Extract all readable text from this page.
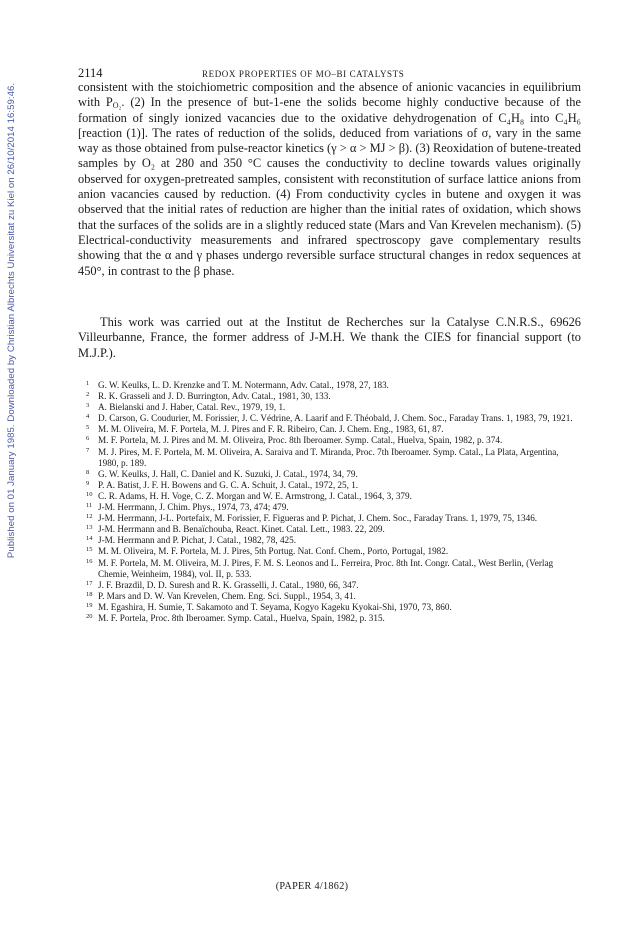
Published on 01 January 1985. Downloaded by Christian Albrechts Universitat zu Kiel on 26/10/2014 16:59:46.
2114	REDOX PROPERTIES OF MO–BI CATALYSTS

consistent with the stoichiometric composition and the absence of anionic vacancies in equilibrium with $P_{O_2}$. (2) In the presence of but-1-ene the solids become highly conductive because of the formation of singly ionized vacancies due to the oxidative dehydrogenation of C₄H₈ into C₄H₆ [reaction (1)]. The rates of reduction of the solids, deduced from variations of σ, vary in the same way as those obtained from pulse-reactor kinetics (γ > α > MJ > β). (3) Reoxidation of butene-treated samples by O₂ at 280 and 350 °C causes the conductivity to decline towards values originally observed for oxygen-pretreated samples, consistent with reconstitution of surface lattice anions from anion vacancies caused by reduction. (4) From conductivity cycles in butene and oxygen it was observed that the initial rates of reduction are higher than the initial rates of oxidation, which shows that the surfaces of the solids are in a slightly reduced state (Mars and Van Krevelen mechanism). (5) Electrical-conductivity measurements and infrared spectroscopy gave complementary results showing that the α and γ phases undergo reversible surface structural changes in redox sequences at 450°, in contrast to the β phase.

This work was carried out at the Institut de Recherches sur la Catalyse C.N.R.S., 69626 Villeurbanne, France, the former address of J-M.H. We thank the CIES for financial support (to M.J.P.).

1 G. W. Keulks, L. D. Krenzke and T. M. Notermann, Adv. Catal., 1978, 27, 183.
2 R. K. Grasseli and J. D. Burrington, Adv. Catal., 1981, 30, 133.
3 A. Bielanski and J. Haber, Catal. Rev., 1979, 19, 1.
4 D. Carson, G. Coudurier, M. Forissier, J. C. Védrine, A. Laarif and F. Théobald, J. Chem. Soc., Faraday Trans. 1, 1983, 79, 1921.
5 M. M. Oliveira, M. F. Portela, M. J. Pires and F. R. Ribeiro, Can. J. Chem. Eng., 1983, 61, 87.
6 M. F. Portela, M. J. Pires and M. M. Oliveira, Proc. 8th Iberoamer. Symp. Catal., Huelva, Spain, 1982, p. 374.
7 M. J. Pires, M. F. Portela, M. M. Oliveira, A. Saraiva and T. Miranda, Proc. 7th Iberoamer. Symp. Catal., La Plata, Argentina, 1980, p. 189.
8 G. W. Keulks, J. Hall, C. Daniel and K. Suzuki, J. Catal., 1974, 34, 79.
9 P. A. Batist, J. F. H. Bowens and G. C. A. Schuit, J. Catal., 1972, 25, 1.
10 C. R. Adams, H. H. Voge, C. Z. Morgan and W. E. Armstrong, J. Catal., 1964, 3, 379.
11 J-M. Herrmann, J. Chim. Phys., 1974, 73, 474; 479.
12 J-M. Herrmann, J-L. Portefaix, M. Forissier, F. Figueras and P. Pichat, J. Chem. Soc., Faraday Trans. 1, 1979, 75, 1346.
13 J-M. Herrmann and B. Benaïchouba, React. Kinet. Catal. Lett., 1983. 22, 209.
14 J-M. Herrmann and P. Pichat, J. Catal., 1982, 78, 425.
15 M. M. Oliveira, M. F. Portela, M. J. Pires, 5th Portug. Nat. Conf. Chem., Porto, Portugal, 1982.
16 M. F. Portela, M. M. Oliveira, M. J. Pires, F. M. S. Leonos and L. Ferreira, Proc. 8th Int. Congr. Catal., West Berlin, (Verlag Chemie, Weinheim, 1984), vol. II, p. 533.
17 J. F. Brazdil, D. D. Suresh and R. K. Grasselli, J. Catal., 1980, 66, 347.
18 P. Mars and D. W. Van Krevelen, Chem. Eng. Sci. Suppl., 1954, 3, 41.
19 M. Egashira, H. Sumie, T. Sakamoto and T. Seyama, Kogyo Kageku Kyokai-Shi, 1970, 73, 860.
20 M. F. Portela, Proc. 8th Iberoamer. Symp. Catal., Huelva, Spain, 1982, p. 315.
(PAPER 4/1862)
